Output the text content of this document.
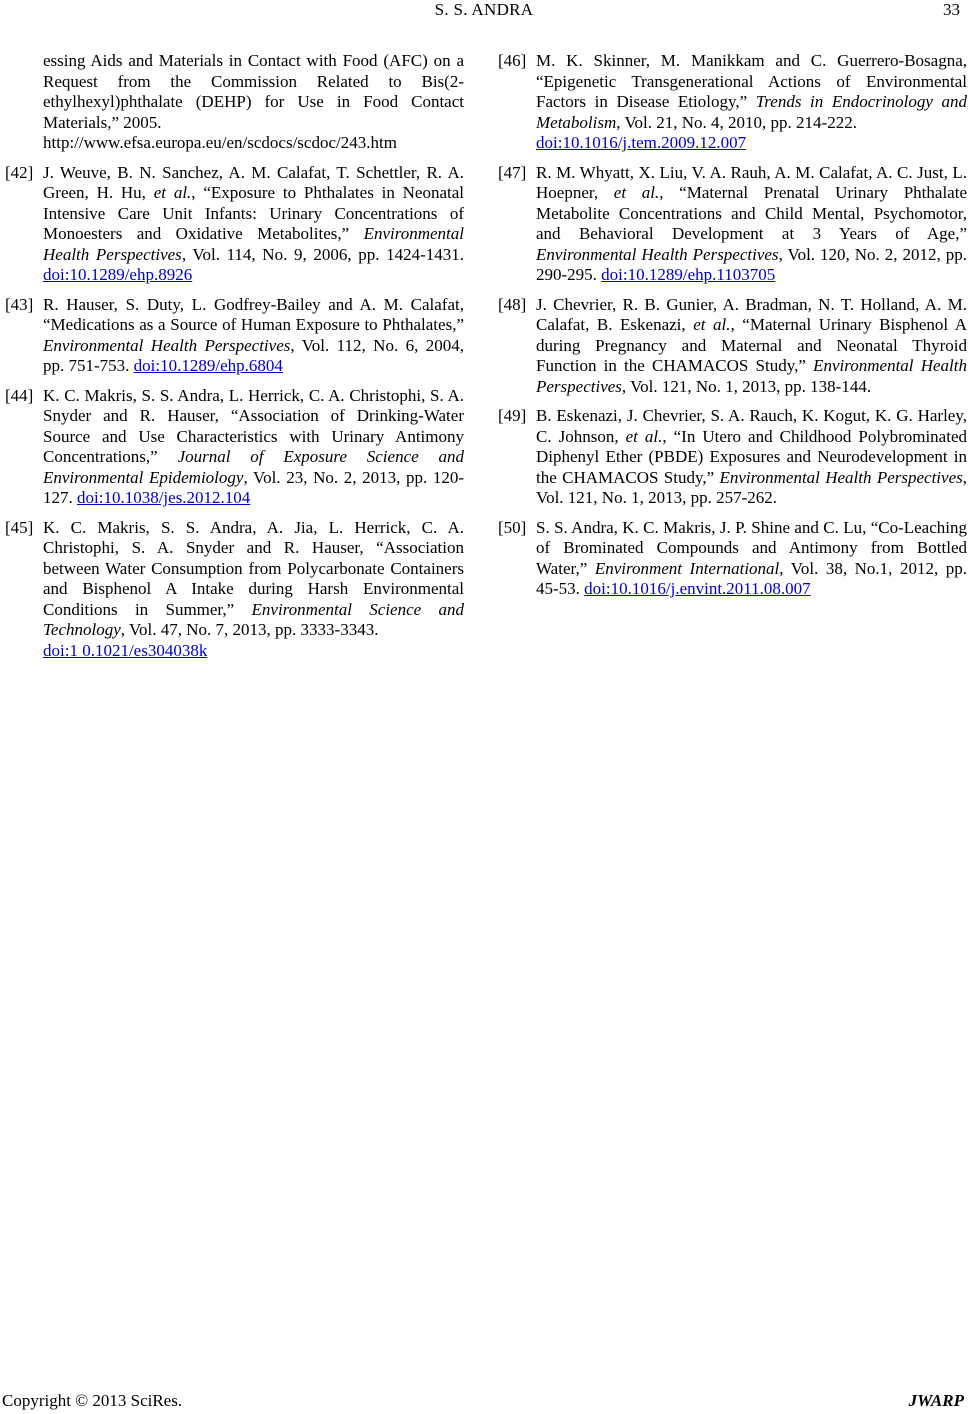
S. S. ANDRA	33
essing Aids and Materials in Contact with Food (AFC) on a Request from the Commission Related to Bis(2-ethylhexyl)phthalate (DEHP) for Use in Food Contact Materials,” 2005.
http://www.efsa.europa.eu/en/scdocs/scdoc/243.htm
[42] J. Weuve, B. N. Sanchez, A. M. Calafat, T. Schettler, R. A. Green, H. Hu, et al., “Exposure to Phthalates in Neonatal Intensive Care Unit Infants: Urinary Concentrations of Monoesters and Oxidative Metabolites,” Environmental Health Perspectives, Vol. 114, No. 9, 2006, pp. 1424-1431. doi:10.1289/ehp.8926
[43] R. Hauser, S. Duty, L. Godfrey-Bailey and A. M. Calafat, “Medications as a Source of Human Exposure to Phthalates,” Environmental Health Perspectives, Vol. 112, No. 6, 2004, pp. 751-753. doi:10.1289/ehp.6804
[44] K. C. Makris, S. S. Andra, L. Herrick, C. A. Christophi, S. A. Snyder and R. Hauser, “Association of Drinking-Water Source and Use Characteristics with Urinary Antimony Concentrations,” Journal of Exposure Science and Environmental Epidemiology, Vol. 23, No. 2, 2013, pp. 120-127. doi:10.1038/jes.2012.104
[45] K. C. Makris, S. S. Andra, A. Jia, L. Herrick, C. A. Christophi, S. A. Snyder and R. Hauser, “Association between Water Consumption from Polycarbonate Containers and Bisphenol A Intake during Harsh Environmental Conditions in Summer,” Environmental Science and Technology, Vol. 47, No. 7, 2013, pp. 3333-3343.
doi:1 0.1021/es304038k
[46] M. K. Skinner, M. Manikkam and C. Guerrero-Bosagna, “Epigenetic Transgenerational Actions of Environmental Factors in Disease Etiology,” Trends in Endocrinology and Metabolism, Vol. 21, No. 4, 2010, pp. 214-222.
doi:10.1016/j.tem.2009.12.007
[47] R. M. Whyatt, X. Liu, V. A. Rauh, A. M. Calafat, A. C. Just, L. Hoepner, et al., “Maternal Prenatal Urinary Phthalate Metabolite Concentrations and Child Mental, Psychomotor, and Behavioral Development at 3 Years of Age,” Environmental Health Perspectives, Vol. 120, No. 2, 2012, pp. 290-295. doi:10.1289/ehp.1103705
[48] J. Chevrier, R. B. Gunier, A. Bradman, N. T. Holland, A. M. Calafat, B. Eskenazi, et al., “Maternal Urinary Bisphenol A during Pregnancy and Maternal and Neonatal Thyroid Function in the CHAMACOS Study,” Environmental Health Perspectives, Vol. 121, No. 1, 2013, pp. 138-144.
[49] B. Eskenazi, J. Chevrier, S. A. Rauch, K. Kogut, K. G. Harley, C. Johnson, et al., “In Utero and Childhood Polybrominated Diphenyl Ether (PBDE) Exposures and Neurodevelopment in the CHAMACOS Study,” Environmental Health Perspectives, Vol. 121, No. 1, 2013, pp. 257-262.
[50] S. S. Andra, K. C. Makris, J. P. Shine and C. Lu, “Co-Leaching of Brominated Compounds and Antimony from Bottled Water,” Environment International, Vol. 38, No.1, 2012, pp. 45-53. doi:10.1016/j.envint.2011.08.007
Copyright © 2013 SciRes.	JWARP
